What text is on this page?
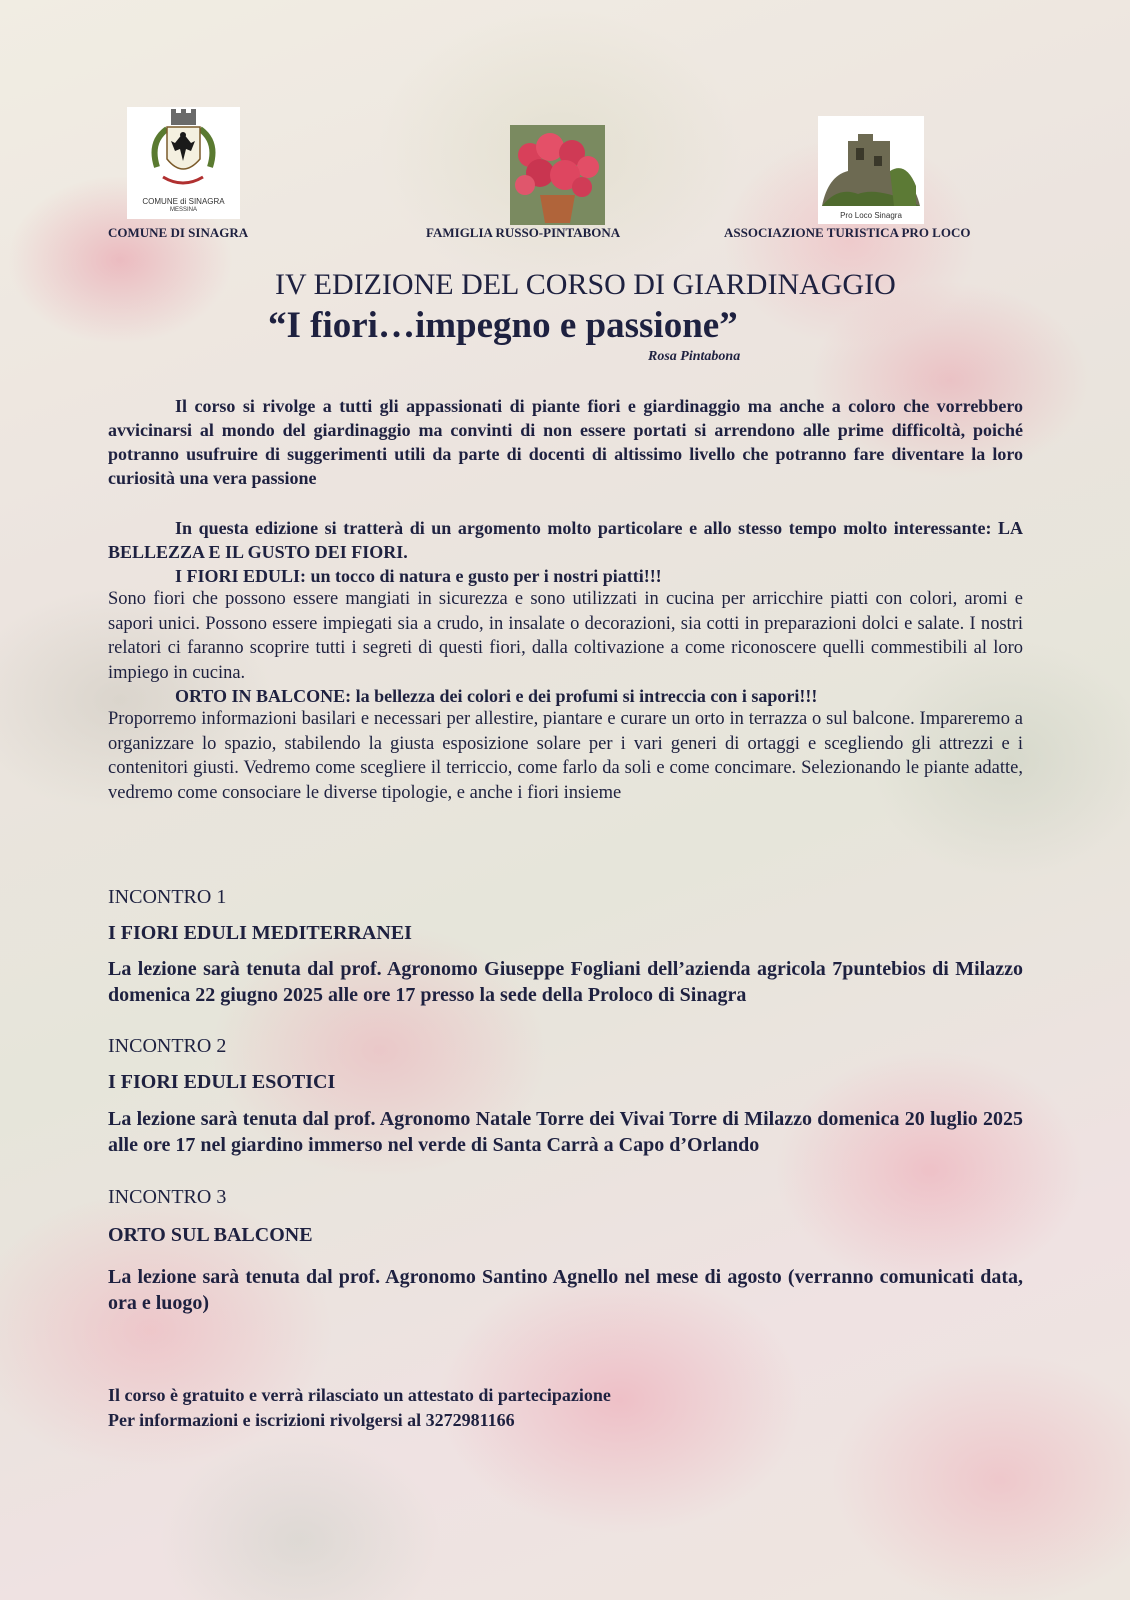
COMUNE di SINAGRA
MESSINA
Pro Loco Sinagra
COMUNE DI SINAGRA	FAMIGLIA RUSSO-PINTABONA	ASSOCIAZIONE TURISTICA PRO LOCO
IV EDIZIONE DEL CORSO DI GIARDINAGGIO
“I fiori…impegno e passione”
Rosa Pintabona

Il corso si rivolge a tutti gli appassionati di piante fiori e giardinaggio ma anche a coloro che vorrebbero avvicinarsi al mondo del giardinaggio ma convinti di non essere portati si arrendono alle prime difficoltà, poiché potranno usufruire di suggerimenti utili da parte di docenti di altissimo livello che potranno fare diventare la loro curiosità una vera passione

In questa edizione si tratterà di un argomento molto particolare e allo stesso tempo molto interessante: LA BELLEZZA E IL GUSTO DEI FIORI.

I FIORI EDULI: un tocco di natura e gusto per i nostri piatti!!!

Sono fiori che possono essere mangiati in sicurezza e sono utilizzati in cucina per arricchire piatti con colori, aromi e sapori unici. Possono essere impiegati sia a crudo, in insalate o decorazioni, sia cotti in preparazioni dolci e salate. I nostri relatori ci faranno scoprire tutti i segreti di questi fiori, dalla coltivazione a come riconoscere quelli commestibili al loro impiego in cucina.

ORTO IN BALCONE: la bellezza dei colori e dei profumi si intreccia con i sapori!!!

Proporremo informazioni basilari e necessari per allestire, piantare e curare un orto in terrazza o sul balcone. Impareremo a organizzare lo spazio, stabilendo la giusta esposizione solare per i vari generi di ortaggi e scegliendo gli attrezzi e i contenitori giusti. Vedremo come scegliere il terriccio, come farlo da soli e come concimare. Selezionando le piante adatte, vedremo come consociare le diverse tipologie, e anche i fiori insieme

INCONTRO 1
I FIORI EDULI MEDITERRANEI

La lezione sarà tenuta dal prof. Agronomo Giuseppe Fogliani dell’azienda agricola 7puntebios di Milazzo domenica 22 giugno 2025 alle ore 17 presso la sede della Proloco di Sinagra

INCONTRO 2
I FIORI EDULI ESOTICI

La lezione sarà tenuta dal prof. Agronomo Natale Torre dei Vivai Torre di Milazzo domenica 20 luglio 2025 alle ore 17 nel giardino immerso nel verde di Santa Carrà a Capo d’Orlando

INCONTRO 3
ORTO SUL BALCONE

La lezione sarà tenuta dal prof. Agronomo Santino Agnello nel mese di agosto (verranno comunicati data, ora e luogo)

Il corso è gratuito e verrà rilasciato un attestato di partecipazione
Per informazioni e iscrizioni rivolgersi al 3272981166
